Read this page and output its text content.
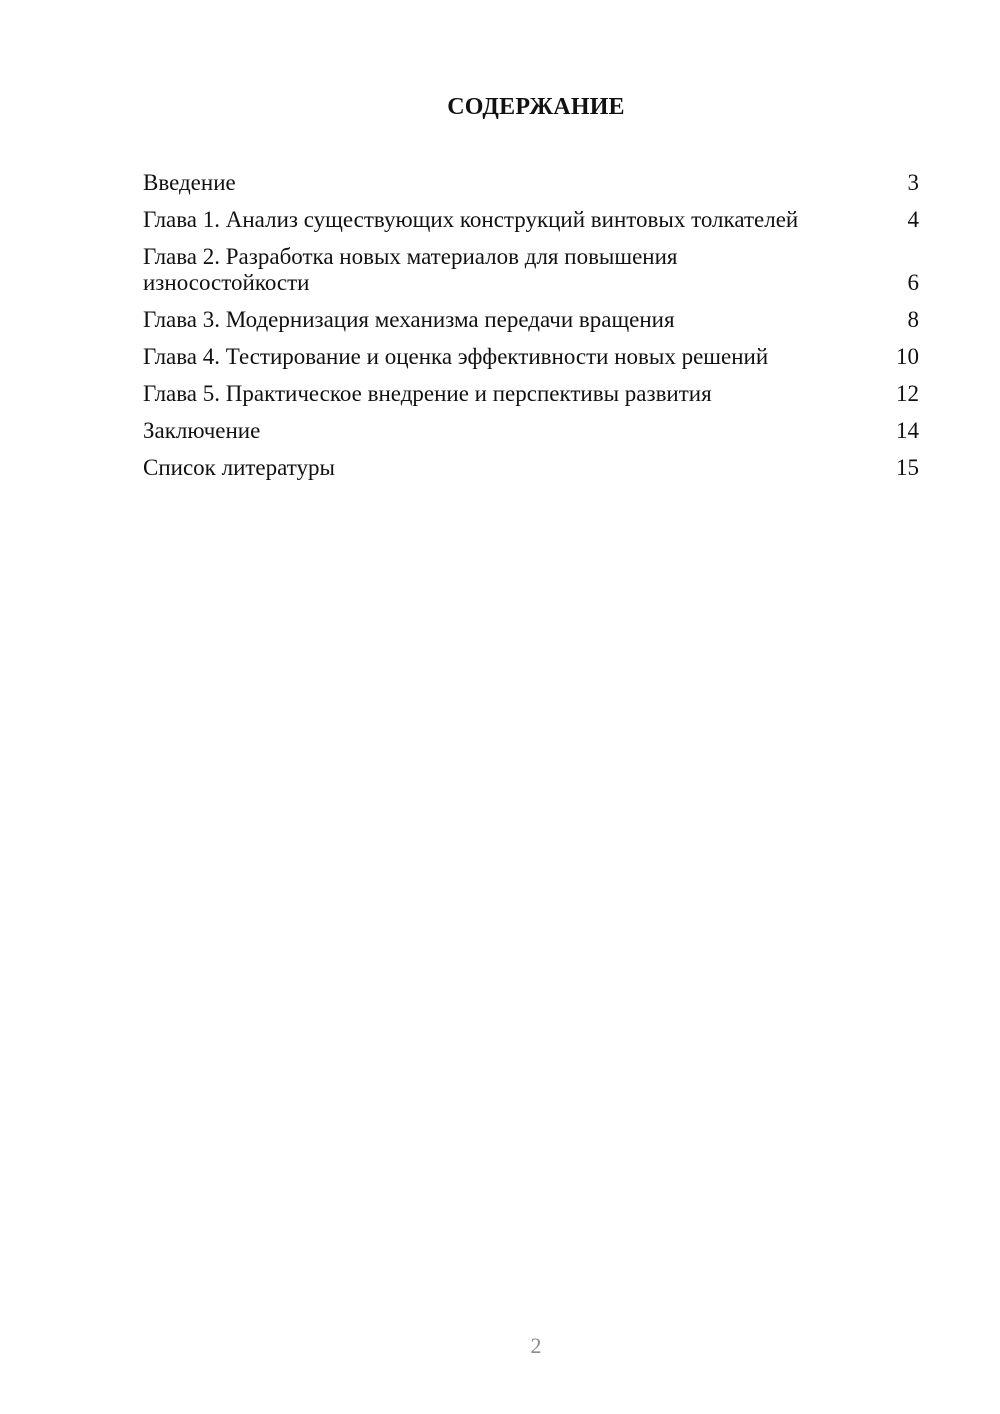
СОДЕРЖАНИЕ
Введение	3
Глава 1. Анализ существующих конструкций винтовых толкателей	4
Глава 2. Разработка новых материалов для повышения износостойкости	6
Глава 3. Модернизация механизма передачи вращения	8
Глава 4. Тестирование и оценка эффективности новых решений	10
Глава 5. Практическое внедрение и перспективы развития	12
Заключение	14
Список литературы	15
2
